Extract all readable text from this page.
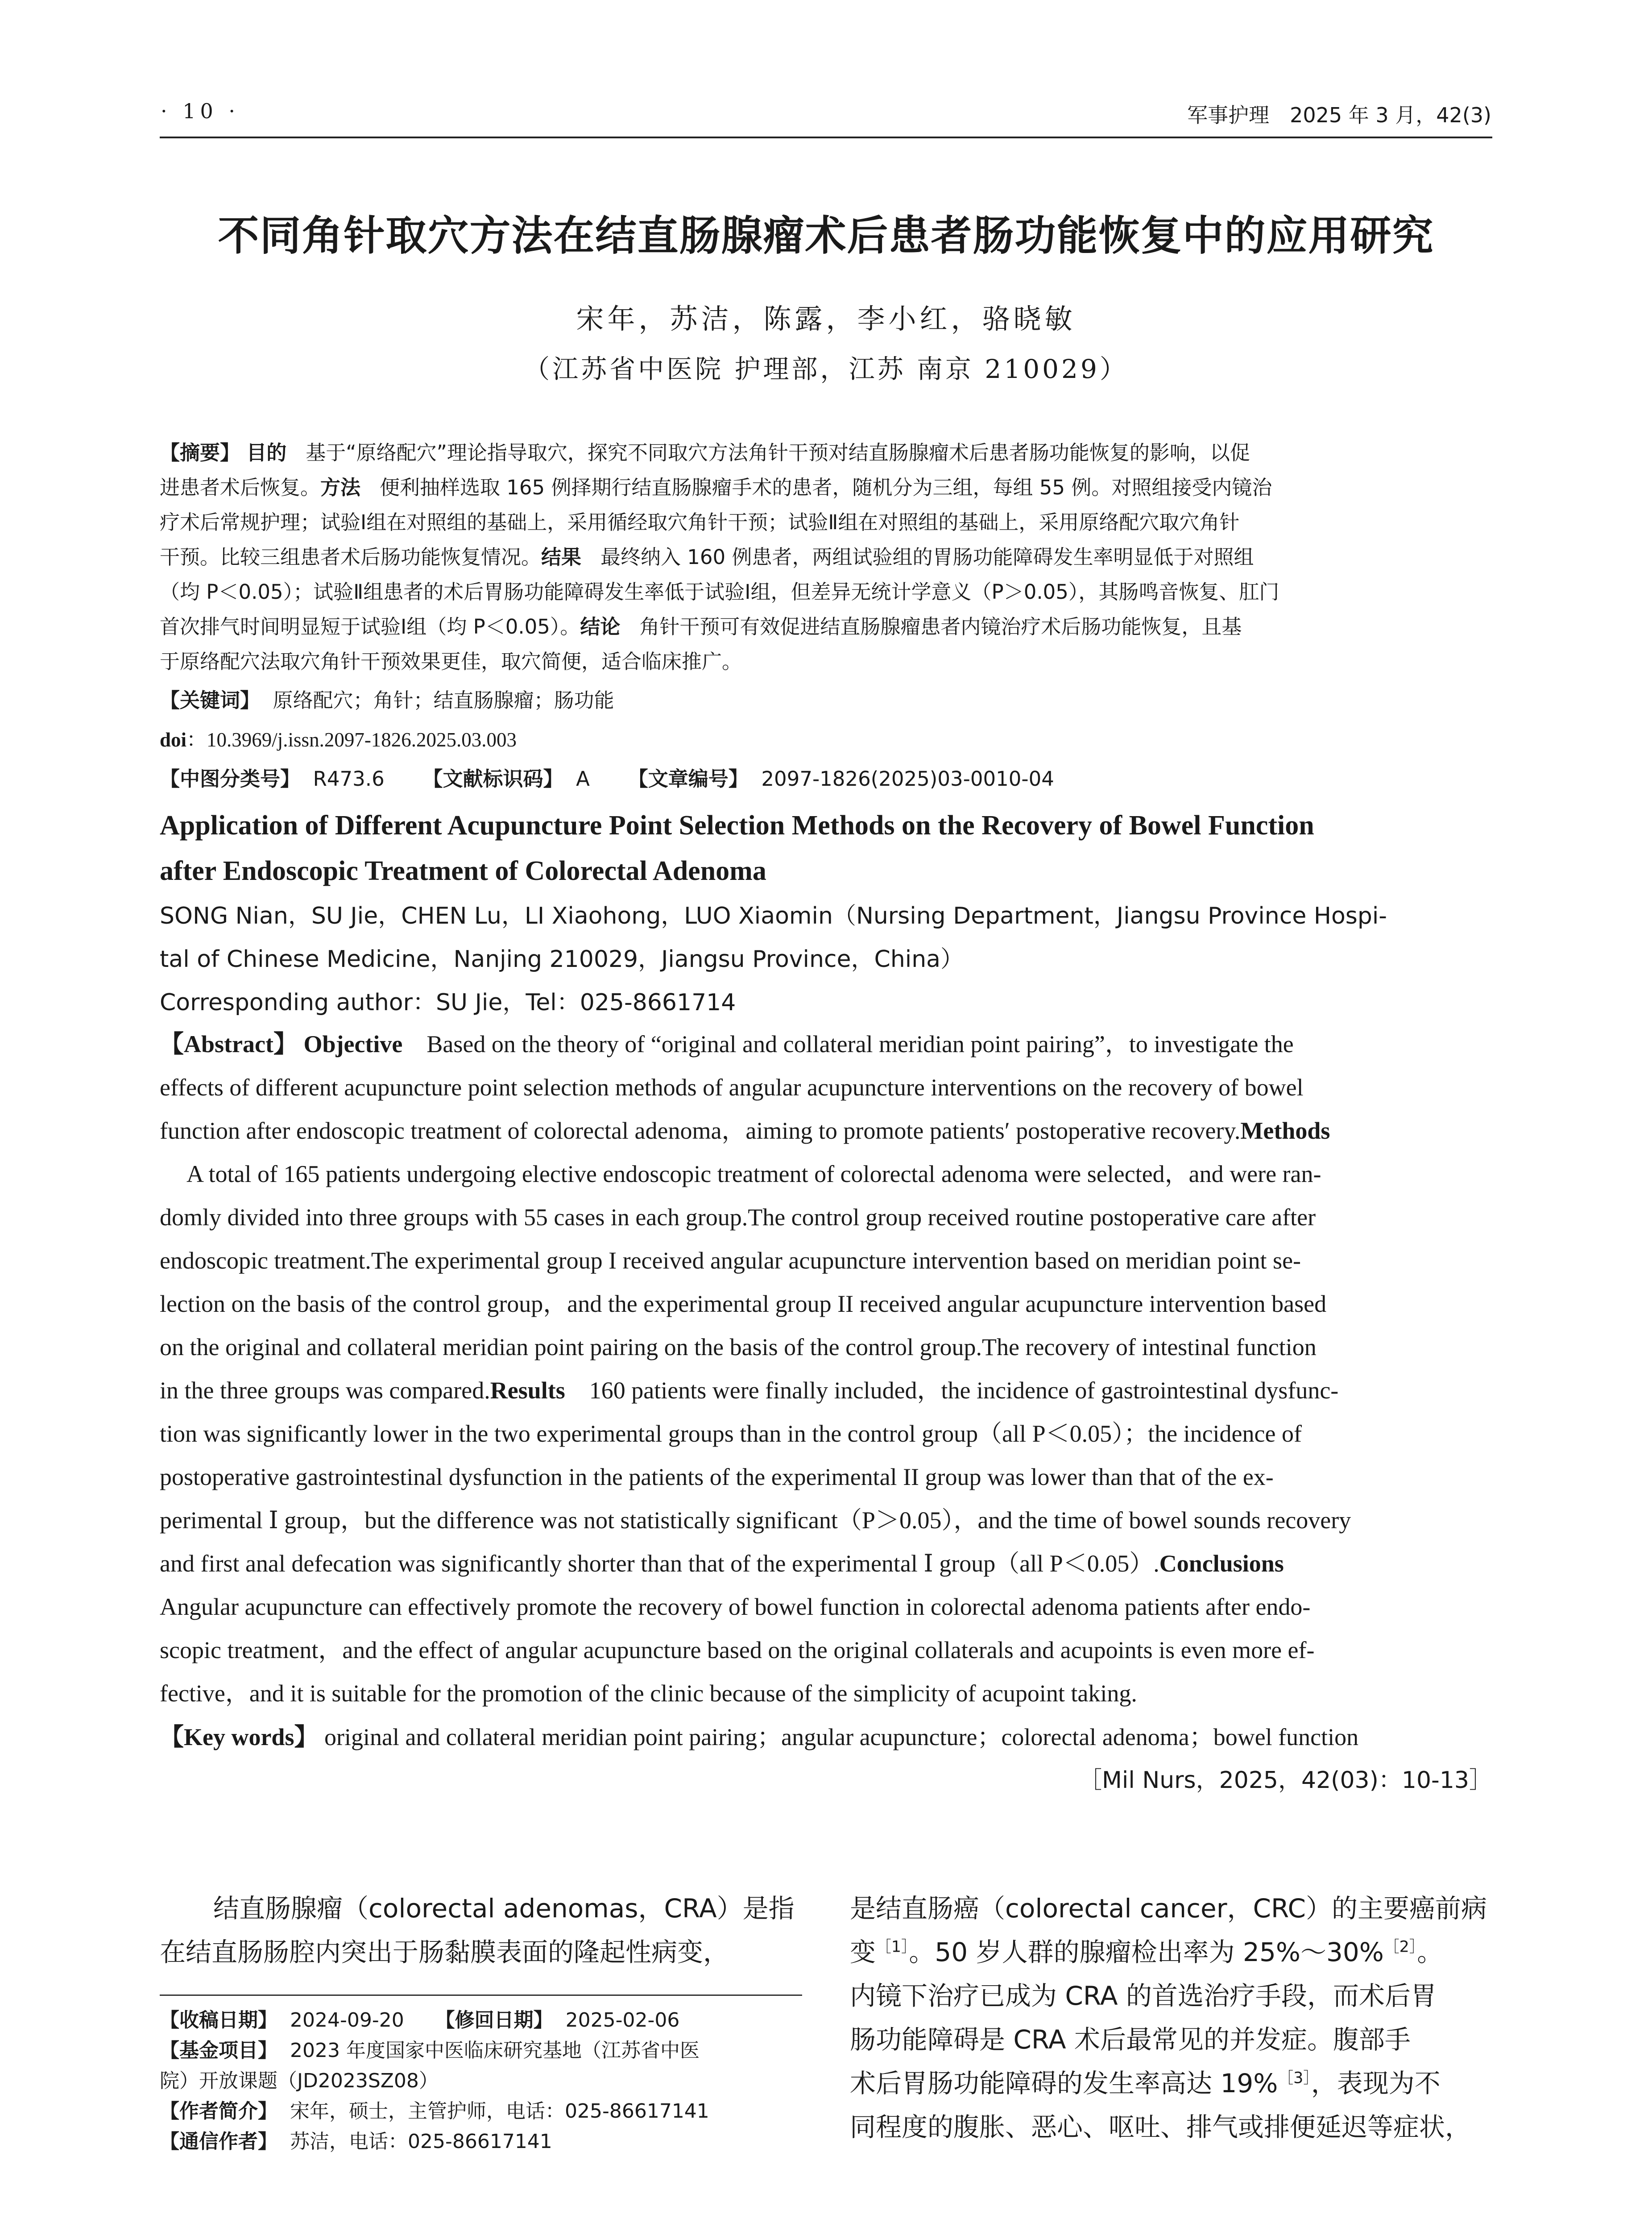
· 10 ·	军事护理　2025 年 3 月，42(3)
不同角针取穴方法在结直肠腺瘤术后患者肠功能恢复中的应用研究
宋年，苏洁，陈露，李小红，骆晓敏
（江苏省中医院 护理部，江苏 南京 210029）
【摘要】 目的 基于“原络配穴”理论指导取穴，探究不同取穴方法角针干预对结直肠腺瘤术后患者肠功能恢复的影响，以促
进患者术后恢复。方法 便利抽样选取 165 例择期行结直肠腺瘤手术的患者，随机分为三组，每组 55 例。对照组接受内镜治
疗术后常规护理；试验Ⅰ组在对照组的基础上，采用循经取穴角针干预；试验Ⅱ组在对照组的基础上，采用原络配穴取穴角针
干预。比较三组患者术后肠功能恢复情况。结果 最终纳入 160 例患者，两组试验组的胃肠功能障碍发生率明显低于对照组
（均 P＜0.05）；试验Ⅱ组患者的术后胃肠功能障碍发生率低于试验Ⅰ组，但差异无统计学意义（P＞0.05），其肠鸣音恢复、肛门
首次排气时间明显短于试验Ⅰ组（均 P＜0.05）。结论 角针干预可有效促进结直肠腺瘤患者内镜治疗术后肠功能恢复，且基
于原络配穴法取穴角针干预效果更佳，取穴简便，适合临床推广。
【关键词】 原络配穴；角针；结直肠腺瘤；肠功能
doi：10.3969/j.issn.2097-1826.2025.03.003
【中图分类号】 R473.6 【文献标识码】 A 【文章编号】 2097-1826(2025)03-0010-04
Application of Different Acupuncture Point Selection Methods on the Recovery of Bowel Function
after Endoscopic Treatment of Colorectal Adenoma
SONG Nian，SU Jie，CHEN Lu，LI Xiaohong，LUO Xiaomin（Nursing Department，Jiangsu Province Hospi-
tal of Chinese Medicine，Nanjing 210029，Jiangsu Province，China）
Corresponding author：SU Jie，Tel：025-8661714
【Abstract】 Objective Based on the theory of “original and collateral meridian point pairing”，to investigate the
effects of different acupuncture point selection methods of angular acupuncture interventions on the recovery of bowel
function after endoscopic treatment of colorectal adenoma，aiming to promote patients′ postoperative recovery.Methods
A total of 165 patients undergoing elective endoscopic treatment of colorectal adenoma were selected，and were ran-
domly divided into three groups with 55 cases in each group.The control group received routine postoperative care after
endoscopic treatment.The experimental group I received angular acupuncture intervention based on meridian point se-
lection on the basis of the control group，and the experimental group II received angular acupuncture intervention based
on the original and collateral meridian point pairing on the basis of the control group.The recovery of intestinal function
in the three groups was compared.Results 160 patients were finally included，the incidence of gastrointestinal dysfunc-
tion was significantly lower in the two experimental groups than in the control group（all P＜0.05）；the incidence of
postoperative gastrointestinal dysfunction in the patients of the experimental II group was lower than that of the ex-
perimental Ⅰ group，but the difference was not statistically significant（P＞0.05），and the time of bowel sounds recovery
and first anal defecation was significantly shorter than that of the experimental Ⅰ group（all P＜0.05）.Conclusions
Angular acupuncture can effectively promote the recovery of bowel function in colorectal adenoma patients after endo-
scopic treatment，and the effect of angular acupuncture based on the original collaterals and acupoints is even more ef-
fective，and it is suitable for the promotion of the clinic because of the simplicity of acupoint taking.
【Key words】 original and collateral meridian point pairing；angular acupuncture；colorectal adenoma；bowel function
［Mil Nurs，2025，42(03)：10-13］
结直肠腺瘤（colorectal adenomas，CRA）是指
在结直肠肠腔内突出于肠黏膜表面的隆起性病变，
【收稿日期】 2024-09-20 【修回日期】 2025-02-06
【基金项目】 2023 年度国家中医临床研究基地（江苏省中医
院）开放课题（JD2023SZ08）
【作者简介】 宋年，硕士，主管护师，电话：025-86617141
【通信作者】 苏洁，电话：025-86617141
是结直肠癌（colorectal cancer，CRC）的主要癌前病
变$^{[1]}$。50 岁人群的腺瘤检出率为 25%～30%$^{[2]}$。
内镜下治疗已成为 CRA 的首选治疗手段，而术后胃
肠功能障碍是 CRA 术后最常见的并发症。腹部手
术后胃肠功能障碍的发生率高达 19%$^{[3]}$，表现为不
同程度的腹胀、恶心、呕吐、排气或排便延迟等症状，
